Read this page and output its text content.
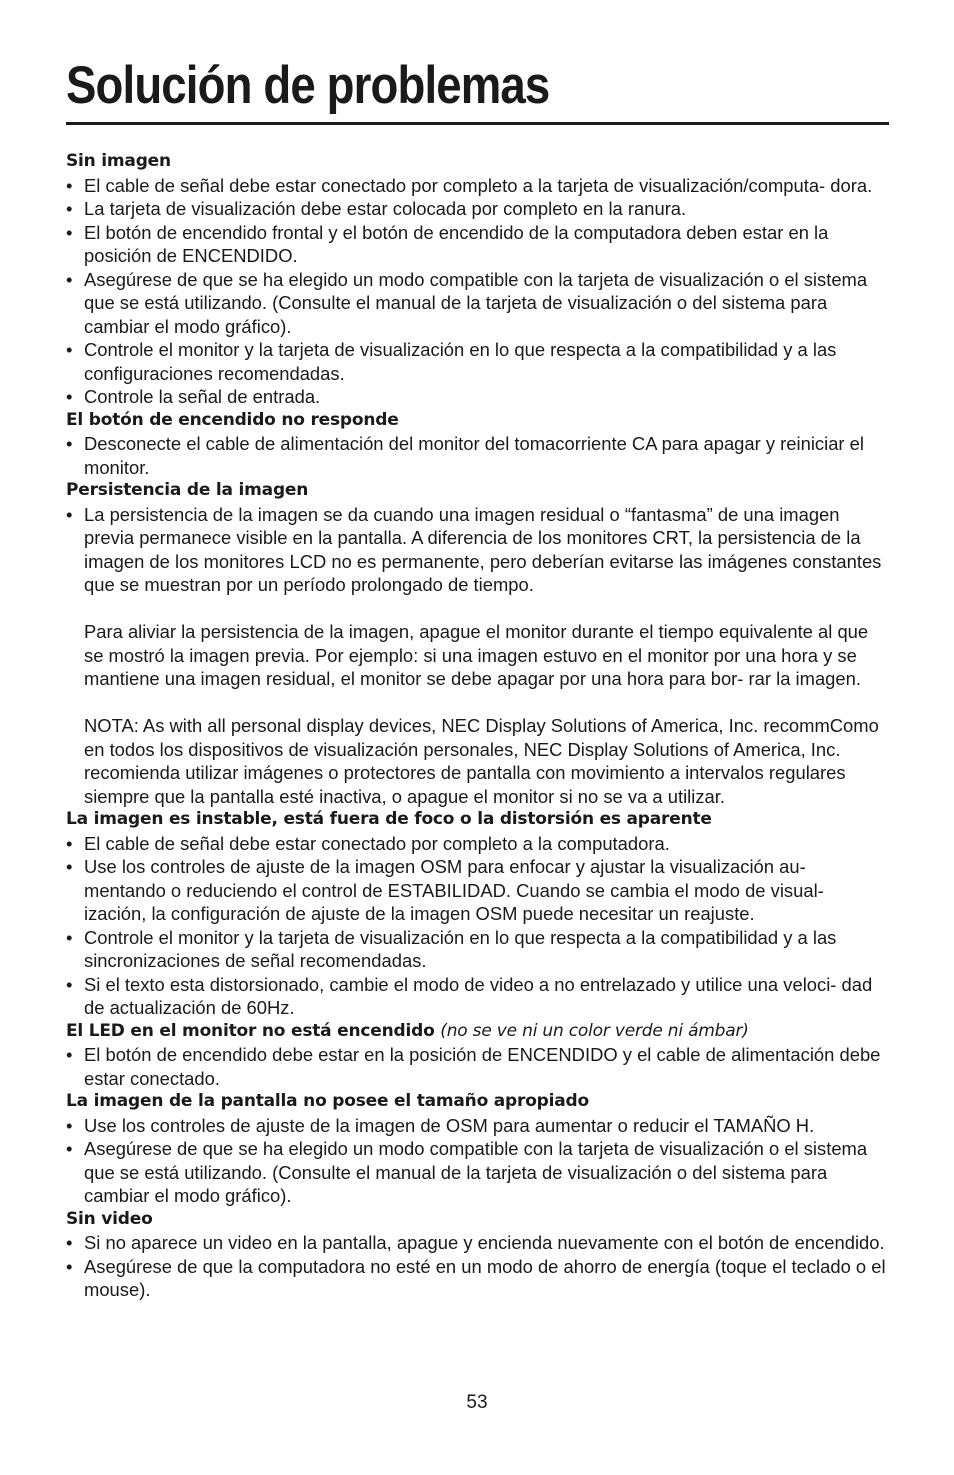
Solución de problemas
Sin imagen
• El cable de señal debe estar conectado por completo a la tarjeta de visualización/computa- dora.
• La tarjeta de visualización debe estar colocada por completo en la ranura.
• El botón de encendido frontal y el botón de encendido de la computadora deben estar en la posición de ENCENDIDO.
• Asegúrese de que se ha elegido un modo compatible con la tarjeta de visualización o el sistema que se está utilizando. (Consulte el manual de la tarjeta de visualización o del sistema para cambiar el modo gráfico).
• Controle el monitor y la tarjeta de visualización en lo que respecta a la compatibilidad y a las configuraciones recomendadas.
• Controle la señal de entrada.
El botón de encendido no responde
• Desconecte el cable de alimentación del monitor del tomacorriente CA para apagar y reiniciar el monitor.
Persistencia de la imagen
• La persistencia de la imagen se da cuando una imagen residual o “fantasma” de una imagen previa permanece visible en la pantalla. A diferencia de los monitores CRT, la persistencia de la imagen de los monitores LCD no es permanente, pero deberían evitarse las imágenes constantes que se muestran por un período prolongado de tiempo.

Para aliviar la persistencia de la imagen, apague el monitor durante el tiempo equivalente al que se mostró la imagen previa. Por ejemplo: si una imagen estuvo en el monitor por una hora y se mantiene una imagen residual, el monitor se debe apagar por una hora para bor- rar la imagen.

NOTA: As with all personal display devices, NEC Display Solutions of America, Inc. recommComo en todos los dispositivos de visualización personales, NEC Display Solutions of America, Inc. recomienda utilizar imágenes o protectores de pantalla con movimiento a intervalos regulares siempre que la pantalla esté inactiva, o apague el monitor si no se va a utilizar.

La imagen es instable, está fuera de foco o la distorsión es aparente
• El cable de señal debe estar conectado por completo a la computadora.
• Use los controles de ajuste de la imagen OSM para enfocar y ajustar la visualización au- mentando o reduciendo el control de ESTABILIDAD. Cuando se cambia el modo de visual- ización, la configuración de ajuste de la imagen OSM puede necesitar un reajuste.
• Controle el monitor y la tarjeta de visualización en lo que respecta a la compatibilidad y a las sincronizaciones de señal recomendadas.
• Si el texto esta distorsionado, cambie el modo de video a no entrelazado y utilice una veloci- dad de actualización de 60Hz.
El LED en el monitor no está encendido (no se ve ni un color verde ni ámbar)
• El botón de encendido debe estar en la posición de ENCENDIDO y el cable de alimentación debe estar conectado.
La imagen de la pantalla no posee el tamaño apropiado
• Use los controles de ajuste de la imagen de OSM para aumentar o reducir el TAMAÑO H.
• Asegúrese de que se ha elegido un modo compatible con la tarjeta de visualización o el sistema que se está utilizando. (Consulte el manual de la tarjeta de visualización o del sistema para cambiar el modo gráfico).
Sin video
• Si no aparece un video en la pantalla, apague y encienda nuevamente con el botón de encendido.
• Asegúrese de que la computadora no esté en un modo de ahorro de energía (toque el teclado o el mouse).
53
